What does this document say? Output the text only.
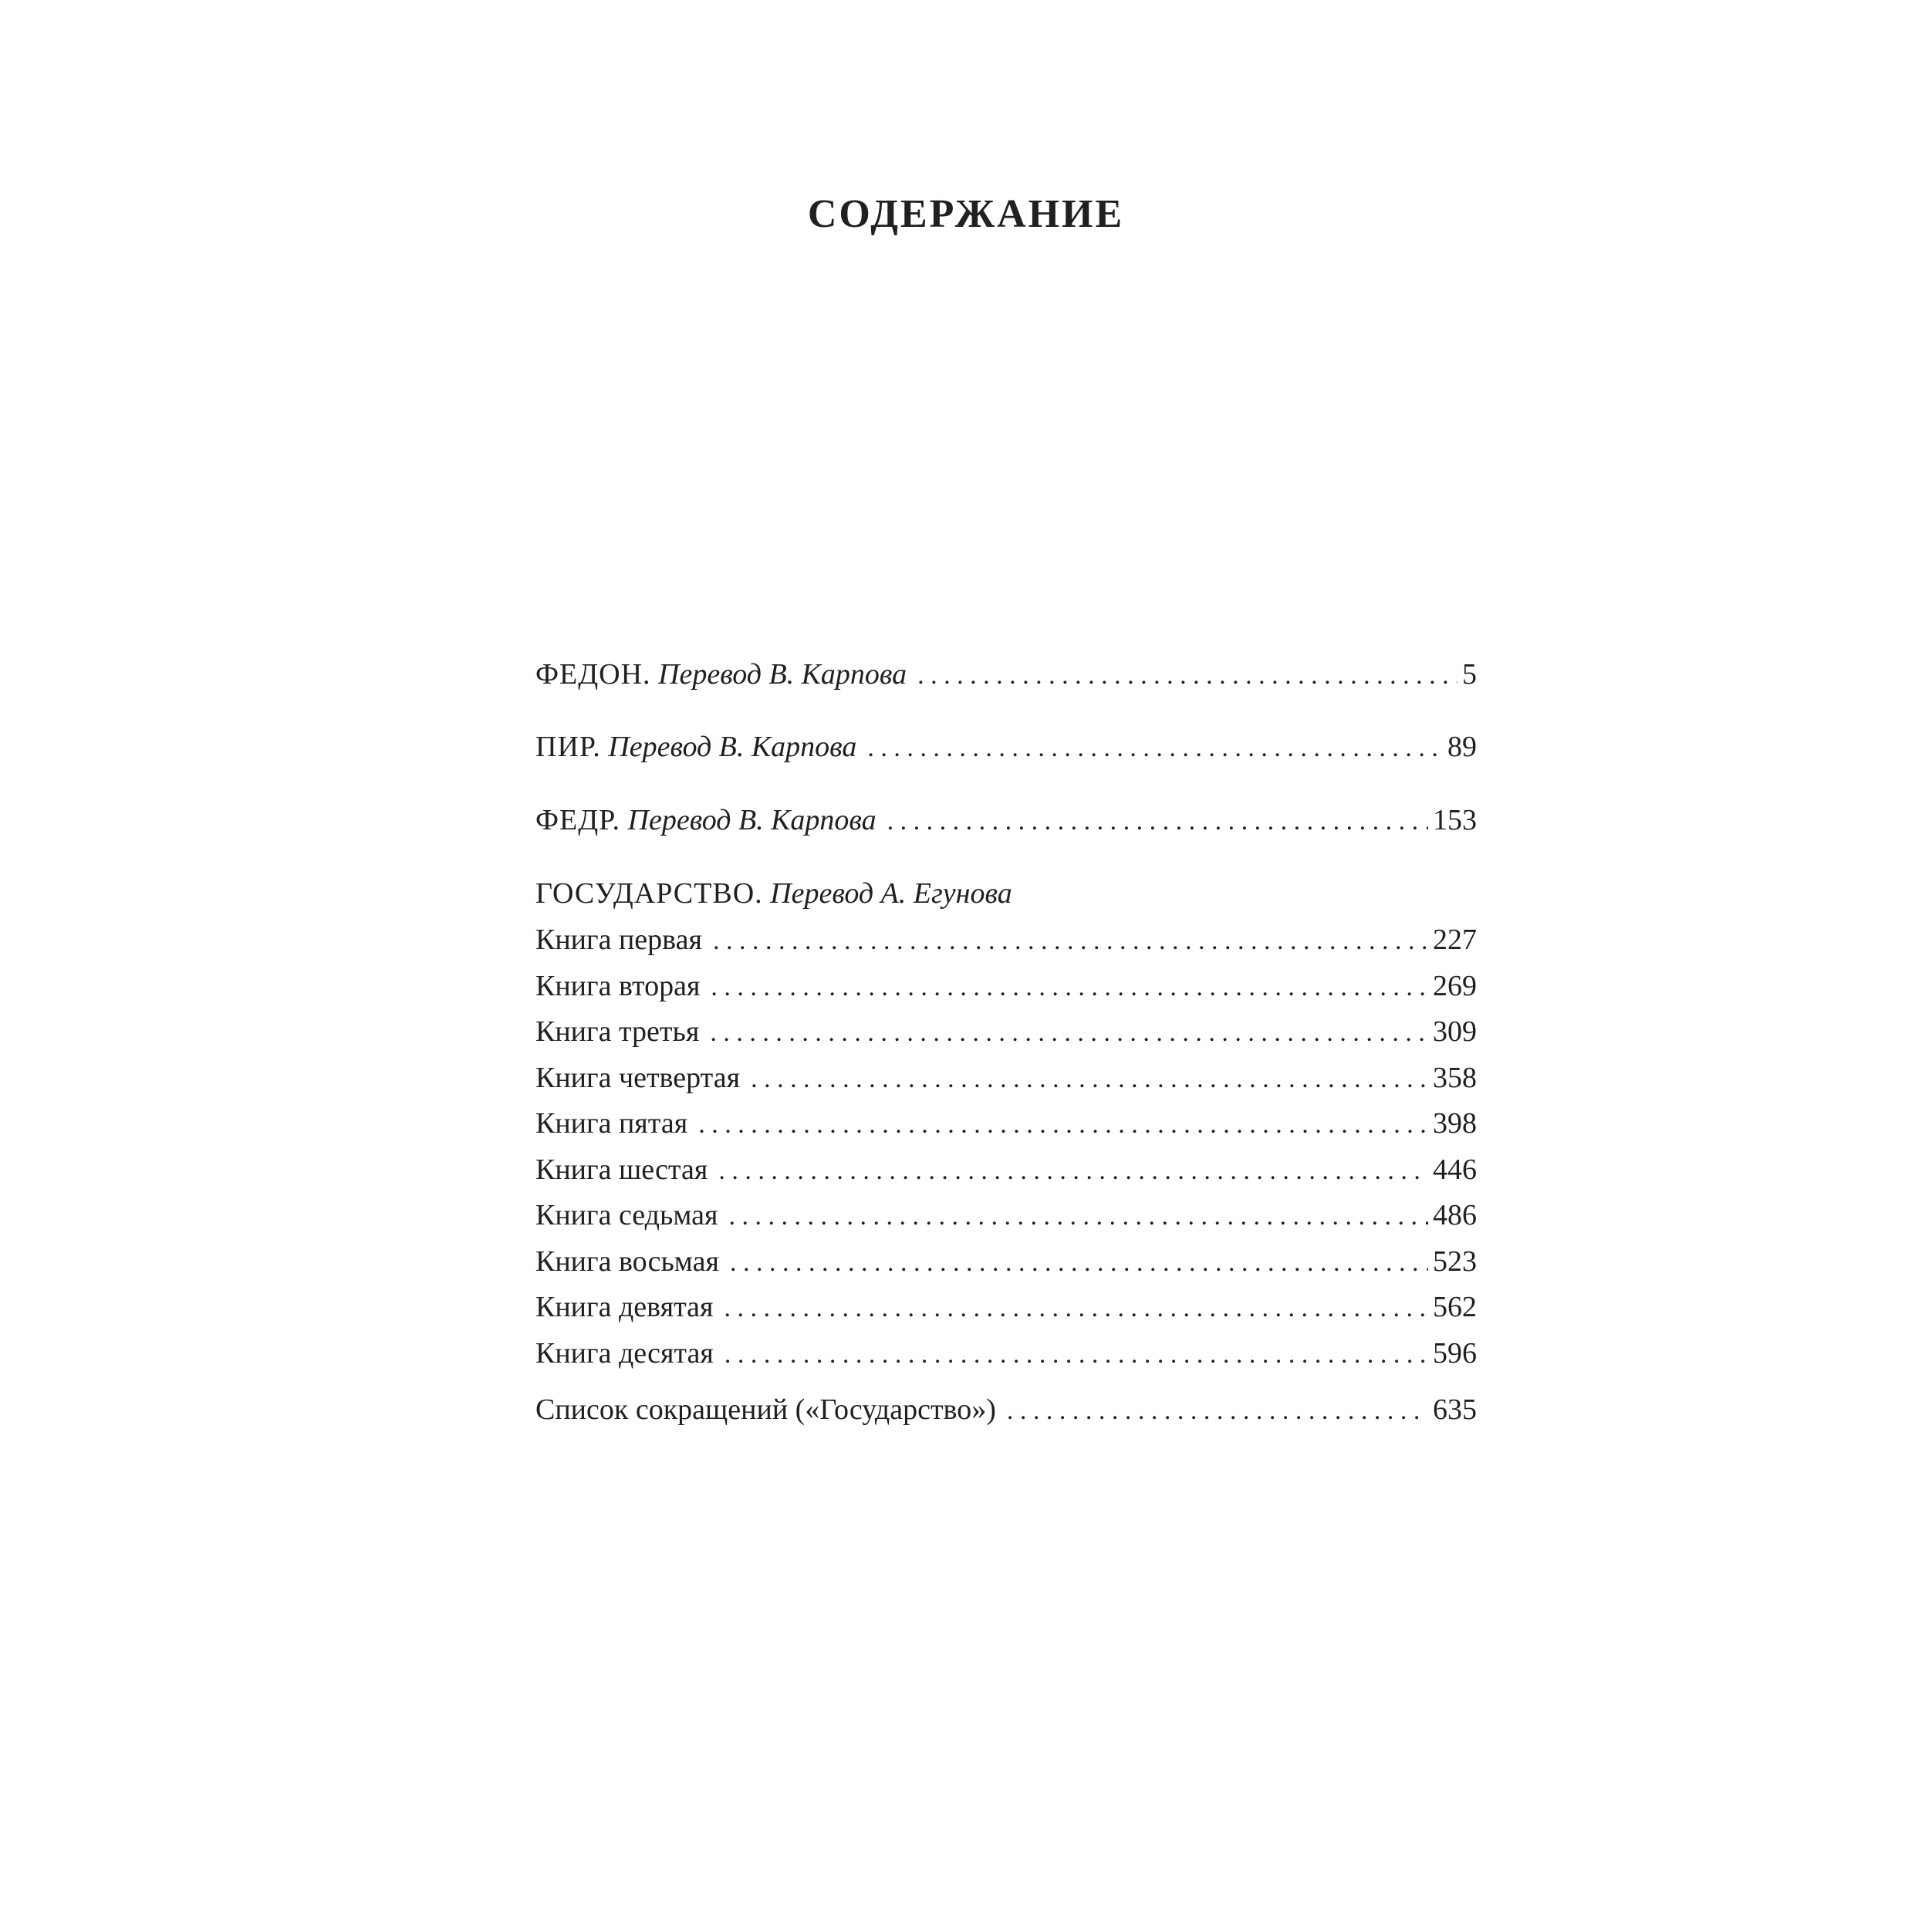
СОДЕРЖАНИЕ
ФЕДОН. Перевод В. Карпова . . .	5
ПИР. Перевод В. Карпова . . .	89
ФЕДР. Перевод В. Карпова . . .	153
ГОСУДАРСТВО. Перевод А. Егунова
Книга первая . . .	227
Книга вторая . . .	269
Книга третья . . .	309
Книга четвертая . . .	358
Книга пятая . . .	398
Книга шестая . . .	446
Книга седьмая . . .	486
Книга восьмая . . .	523
Книга девятая . . .	562
Книга десятая . . .	596
Список сокращений («Государство») . . .	635
